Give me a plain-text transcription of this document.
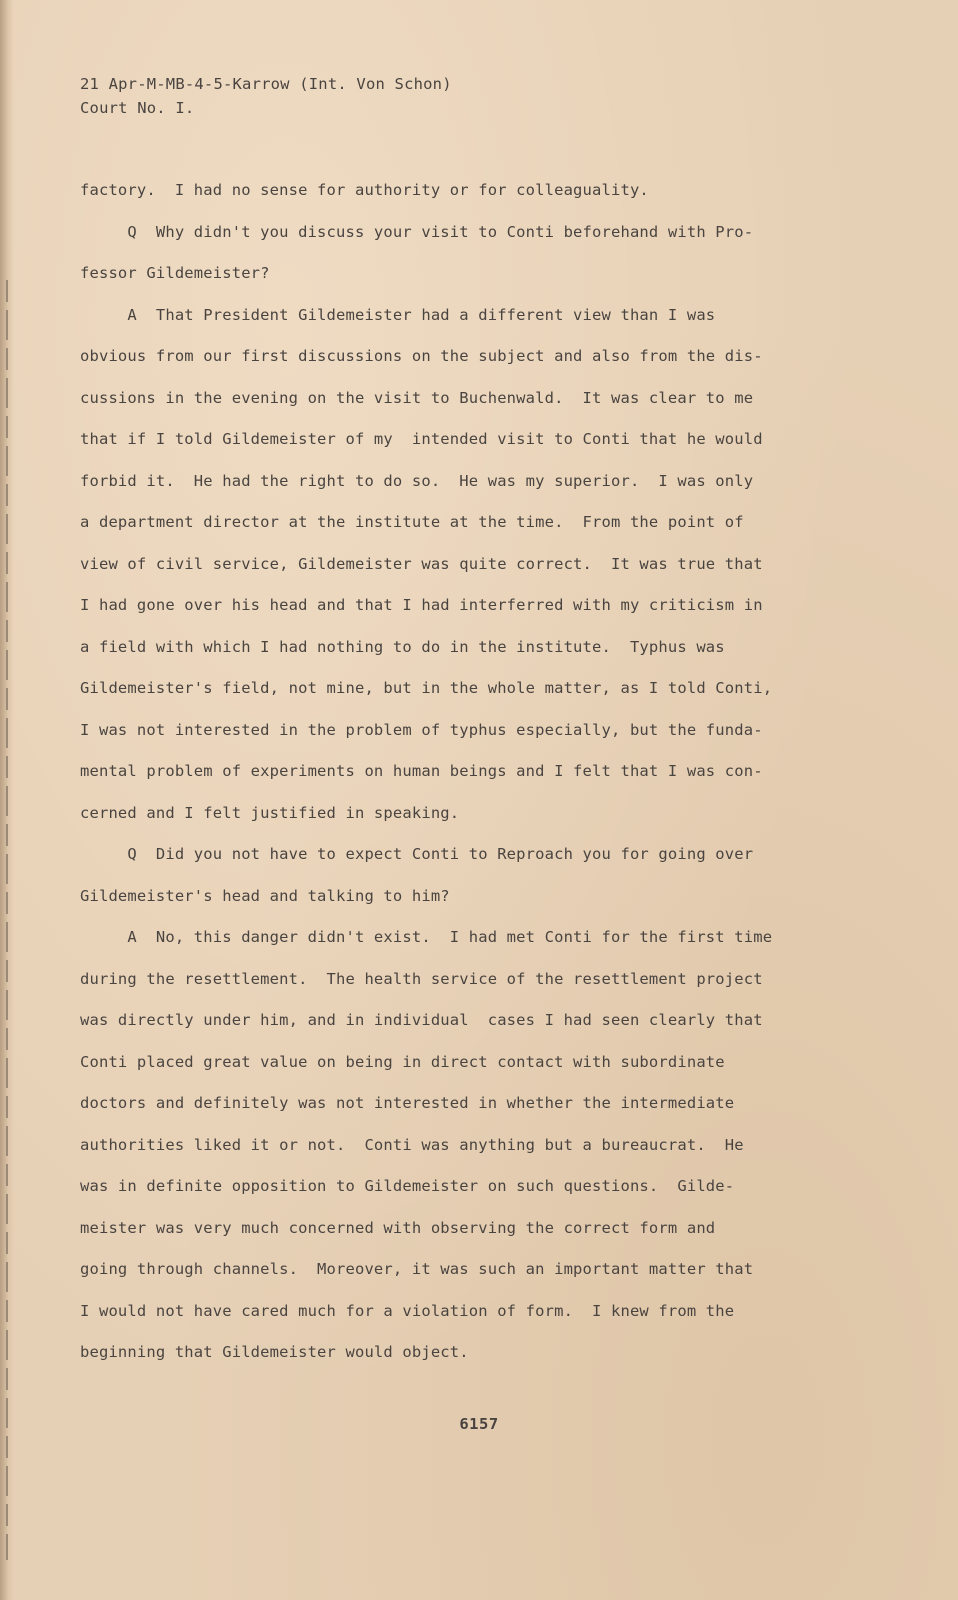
21 Apr-M-MB-4-5-Karrow (Int. Von Schon)
Court No. I.

factory.  I had no sense for authority or for colleaguality.

Q  Why didn't you discuss your visit to Conti beforehand with Pro-

fessor Gildemeister?

A  That President Gildemeister had a different view than I was

obvious from our first discussions on the subject and also from the dis-

cussions in the evening on the visit to Buchenwald.  It was clear to me

that if I told Gildemeister of my  intended visit to Conti that he would

forbid it.  He had the right to do so.  He was my superior.  I was only

a department director at the institute at the time.  From the point of

view of civil service, Gildemeister was quite correct.  It was true that

I had gone over his head and that I had interferred with my criticism in

a field with which I had nothing to do in the institute.  Typhus was

Gildemeister's field, not mine, but in the whole matter, as I told Conti,

I was not interested in the problem of typhus especially, but the funda-

mental problem of experiments on human beings and I felt that I was con-

cerned and I felt justified in speaking.

Q  Did you not have to expect Conti to Reproach you for going over

Gildemeister's head and talking to him?

A  No, this danger didn't exist.  I had met Conti for the first time

during the resettlement.  The health service of the resettlement project

was directly under him, and in individual  cases I had seen clearly that

Conti placed great value on being in direct contact with subordinate

doctors and definitely was not interested in whether the intermediate

authorities liked it or not.  Conti was anything but a bureaucrat.  He

was in definite opposition to Gildemeister on such questions.  Gilde-

meister was very much concerned with observing the correct form and

going through channels.  Moreover, it was such an important matter that

I would not have cared much for a violation of form.  I knew from the

beginning that Gildemeister would object.

6157
